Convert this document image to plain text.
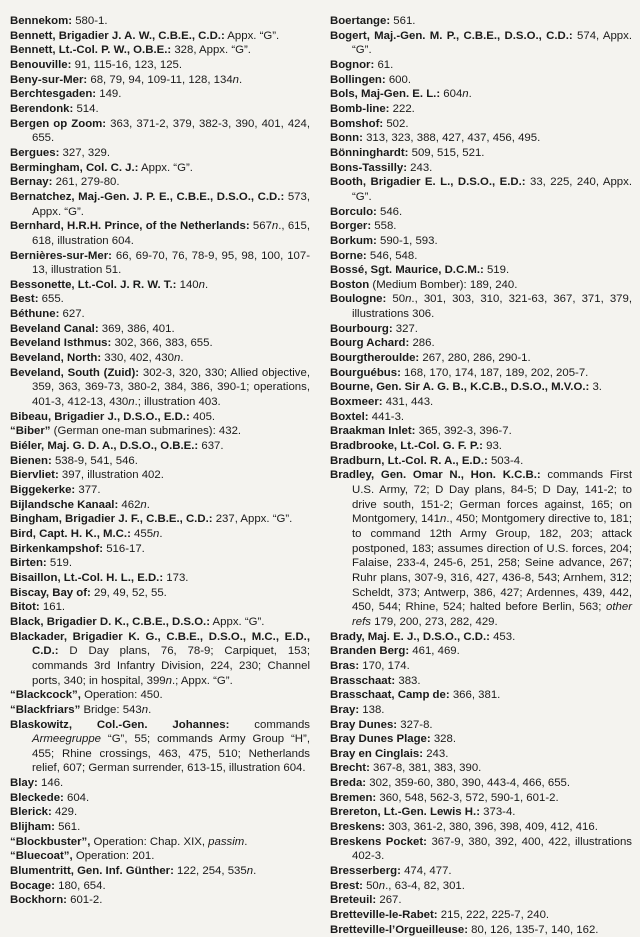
Bennekom: 580-1.

Bennett, Brigadier J. A. W., C.B.E., C.D.: Appx. “G”.

Bennett, Lt.-Col. P. W., O.B.E.: 328, Appx. “G”.

Benouville: 91, 115-16, 123, 125.

Beny-sur-Mer: 68, 79, 94, 109-11, 128, 134n.

Berchtesgaden: 149.

Berendonk: 514.

Bergen op Zoom: 363, 371-2, 379, 382-3, 390, 401, 424, 655.

Bergues: 327, 329.

Bermingham, Col. C. J.: Appx. “G”.

Bernay: 261, 279-80.

Bernatchez, Maj.-Gen. J. P. E., C.B.E., D.S.O., C.D.: 573, Appx. “G”.

Bernhard, H.R.H. Prince, of the Netherlands: 567n., 615, 618, illustration 604.

Bernières-sur-Mer: 66, 69-70, 76, 78-9, 95, 98, 100, 107-13, illustration 51.

Bessonette, Lt.-Col. J. R. W. T.: 140n.

Best: 655.

Béthune: 627.

Beveland Canal: 369, 386, 401.

Beveland Isthmus: 302, 366, 383, 655.

Beveland, North: 330, 402, 430n.

Beveland, South (Zuid): 302-3, 320, 330; Allied objective, 359, 363, 369-73, 380-2, 384, 386, 390-1; operations, 401-3, 412-13, 430n.; illustration 403.

Bibeau, Brigadier J., D.S.O., E.D.: 405.

“Biber” (German one-man submarines): 432.

Biéler, Maj. G. D. A., D.S.O., O.B.E.: 637.

Bienen: 538-9, 541, 546.

Biervliet: 397, illustration 402.

Biggekerke: 377.

Bijlandsche Kanaal: 462n.

Bingham, Brigadier J. F., C.B.E., C.D.: 237, Appx. “G”.

Bird, Capt. H. K., M.C.: 455n.

Birkenkampshof: 516-17.

Birten: 519.

Bisaillon, Lt.-Col. H. L., E.D.: 173.

Biscay, Bay of: 29, 49, 52, 55.

Bitot: 161.

Black, Brigadier D. K., C.B.E., D.S.O.: Appx. “G”.

Blackader, Brigadier K. G., C.B.E., D.S.O., M.C., E.D., C.D.: D Day plans, 76, 78-9; Carpiquet, 153; commands 3rd Infantry Division, 224, 230; Channel ports, 340; in hospital, 399n.; Appx. “G”.

“Blackcock”, Operation: 450.

“Blackfriars” Bridge: 543n.

Blaskowitz, Col.-Gen. Johannes: commands Armeegruppe “G”, 55; commands Army Group “H”, 455; Rhine crossings, 463, 475, 510; Netherlands relief, 607; German surrender, 613-15, illustration 604.

Blay: 146.

Bleckede: 604.

Blerick: 429.

Blijham: 561.

“Blockbuster”, Operation: Chap. XIX, passim.

“Bluecoat”, Operation: 201.

Blumentritt, Gen. Inf. Günther: 122, 254, 535n.

Bocage: 180, 654.

Bockhorn: 601-2.

Boertange: 561.

Bogert, Maj.-Gen. M. P., C.B.E., D.S.O., C.D.: 574, Appx. “G”.

Bognor: 61.

Bollingen: 600.

Bols, Maj-Gen. E. L.: 604n.

Bomb-line: 222.

Bomshof: 502.

Bonn: 313, 323, 388, 427, 437, 456, 495.

Bönninghardt: 509, 515, 521.

Bons-Tassilly: 243.

Booth, Brigadier E. L., D.S.O., E.D.: 33, 225, 240, Appx. “G”.

Borculo: 546.

Borger: 558.

Borkum: 590-1, 593.

Borne: 546, 548.

Bossé, Sgt. Maurice, D.C.M.: 519.

Boston (Medium Bomber): 189, 240.

Boulogne: 50n., 301, 303, 310, 321-63, 367, 371, 379, illustrations 306.

Bourbourg: 327.

Bourg Achard: 286.

Bourgtheroulde: 267, 280, 286, 290-1.

Bourguébus: 168, 170, 174, 187, 189, 202, 205-7.

Bourne, Gen. Sir A. G. B., K.C.B., D.S.O., M.V.O.: 3.

Boxmeer: 431, 443.

Boxtel: 441-3.

Braakman Inlet: 365, 392-3, 396-7.

Bradbrooke, Lt.-Col. G. F. P.: 93.

Bradburn, Lt.-Col. R. A., E.D.: 503-4.

Bradley, Gen. Omar N., Hon. K.C.B.: commands First U.S. Army, 72; D Day plans, 84-5; D Day, 141-2; to drive south, 151-2; German forces against, 165; on Montgomery, 141n., 450; Montgomery directive to, 181; to command 12th Army Group, 182, 203; attack postponed, 183; assumes direction of U.S. forces, 204; Falaise, 233-4, 245-6, 251, 258; Seine advance, 267; Ruhr plans, 307-9, 316, 427, 436-8, 543; Arnhem, 312; Scheldt, 373; Antwerp, 386, 427; Ardennes, 439, 442, 450, 544; Rhine, 524; halted before Berlin, 563; other refs 179, 200, 273, 282, 429.

Brady, Maj. E. J., D.S.O., C.D.: 453.

Branden Berg: 461, 469.

Bras: 170, 174.

Brasschaat: 383.

Brasschaat, Camp de: 366, 381.

Bray: 138.

Bray Dunes: 327-8.

Bray Dunes Plage: 328.

Bray en Cinglais: 243.

Brecht: 367-8, 381, 383, 390.

Breda: 302, 359-60, 380, 390, 443-4, 466, 655.

Bremen: 360, 548, 562-3, 572, 590-1, 601-2.

Brereton, Lt.-Gen. Lewis H.: 373-4.

Breskens: 303, 361-2, 380, 396, 398, 409, 412, 416.

Breskens Pocket: 367-9, 380, 392, 400, 422, illustrations 402-3.

Bresserberg: 474, 477.

Brest: 50n., 63-4, 82, 301.

Breteuil: 267.

Bretteville-le-Rabet: 215, 222, 225-7, 240.

Bretteville-l’Orgueilleuse: 80, 126, 135-7, 140, 162.
